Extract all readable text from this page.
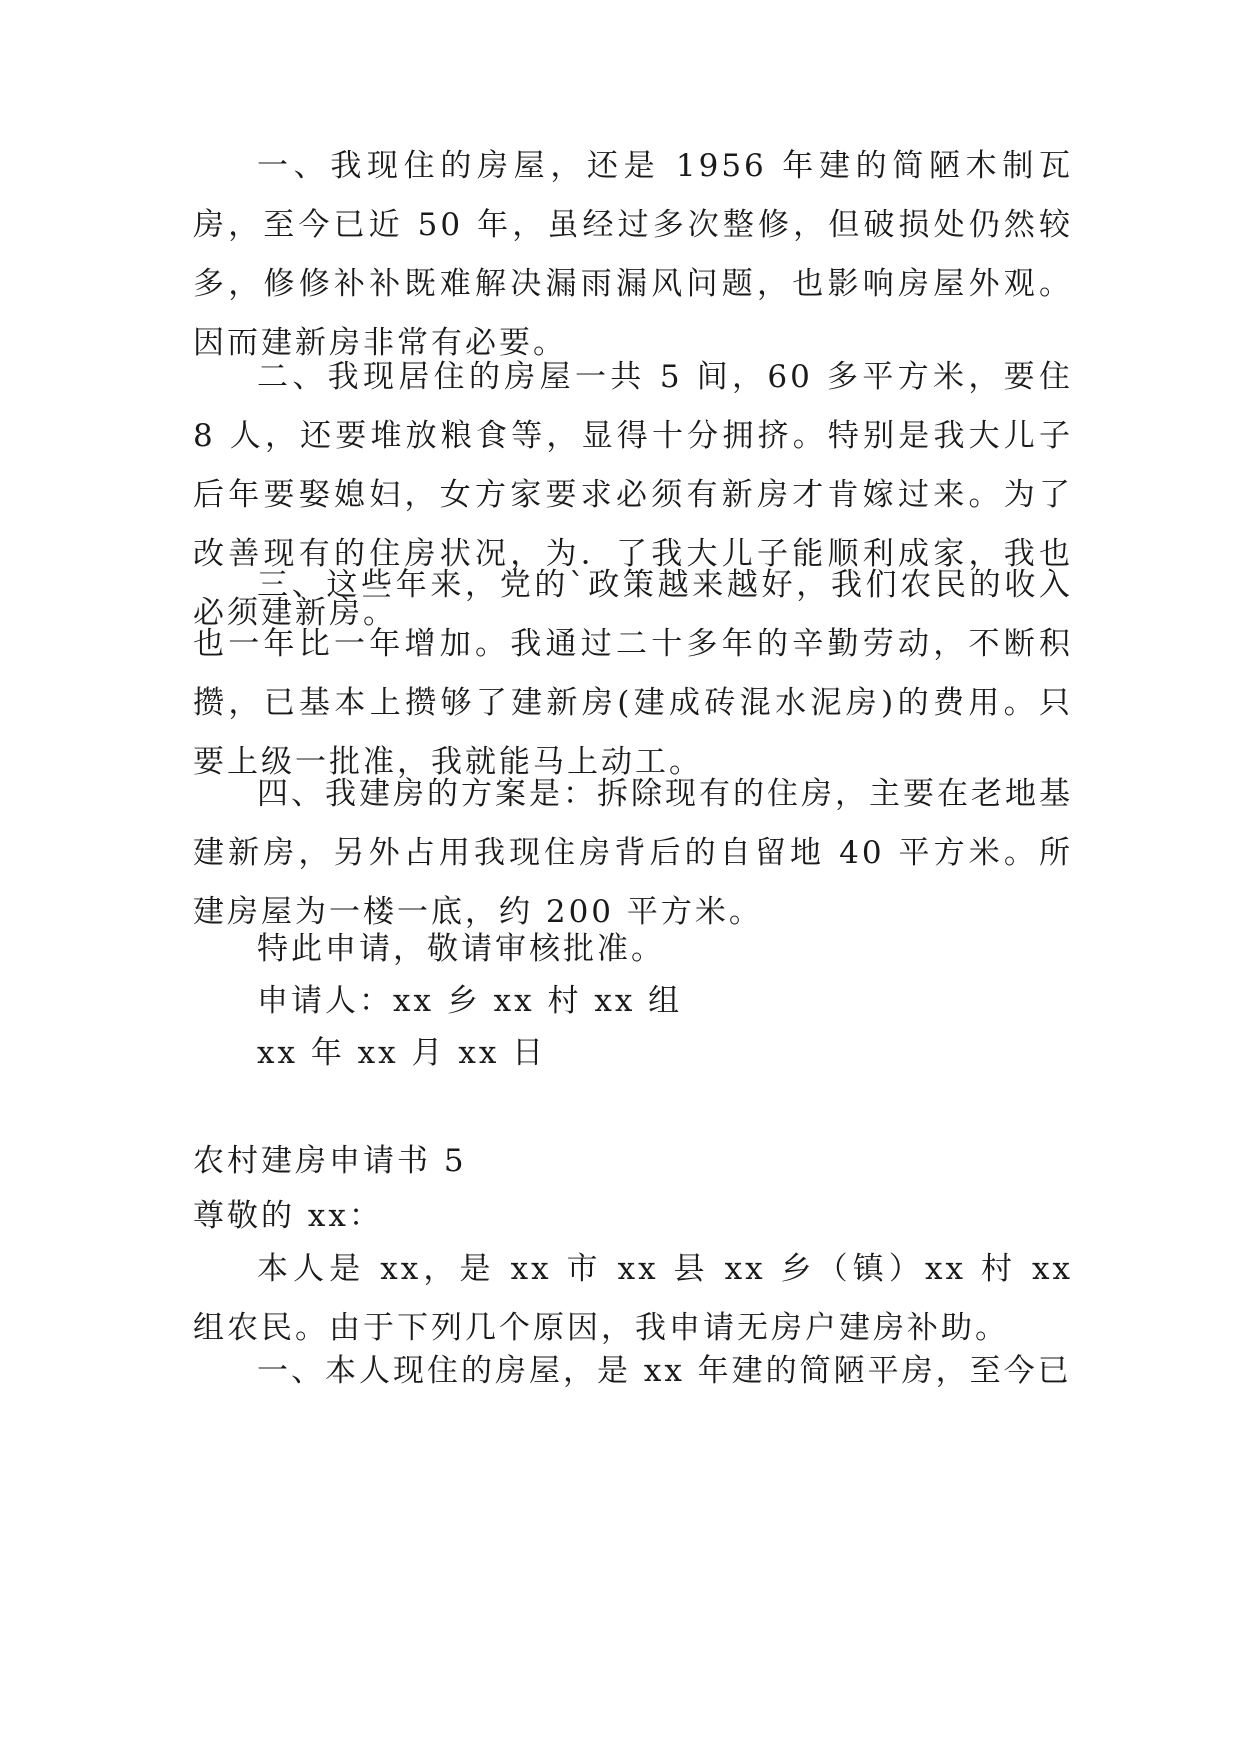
一、我现住的房屋，还是 1956 年建的简陋木制瓦房，至今已近 50 年，虽经过多次整修，但破损处仍然较多，修修补补既难解决漏雨漏风问题，也影响房屋外观。因而建新房非常有必要。

二、我现居住的房屋一共 5 间，60 多平方米，要住 8 人，还要堆放粮食等，显得十分拥挤。特别是我大儿子后年要娶媳妇，女方家要求必须有新房才肯嫁过来。为了改善现有的住房状况，为．了我大儿子能顺利成家，我也必须建新房。

三、这些年来，党的`政策越来越好，我们农民的收入也一年比一年增加。我通过二十多年的辛勤劳动，不断积攒，已基本上攒够了建新房(建成砖混水泥房)的费用。只要上级一批准，我就能马上动工。

四、我建房的方案是：拆除现有的住房，主要在老地基建新房，另外占用我现住房背后的自留地 40 平方米。所建房屋为一楼一底，约 200 平方米。

特此申请，敬请审核批准。

申请人：xx 乡 xx 村 xx 组

xx 年 xx 月 xx 日

农村建房申请书 5

尊敬的 xx：

本人是 xx，是 xx 市 xx 县 xx 乡（镇）xx 村 xx 组农民。由于下列几个原因，我申请无房户建房补助。

一、本人现住的房屋，是 xx 年建的简陋平房，至今已
